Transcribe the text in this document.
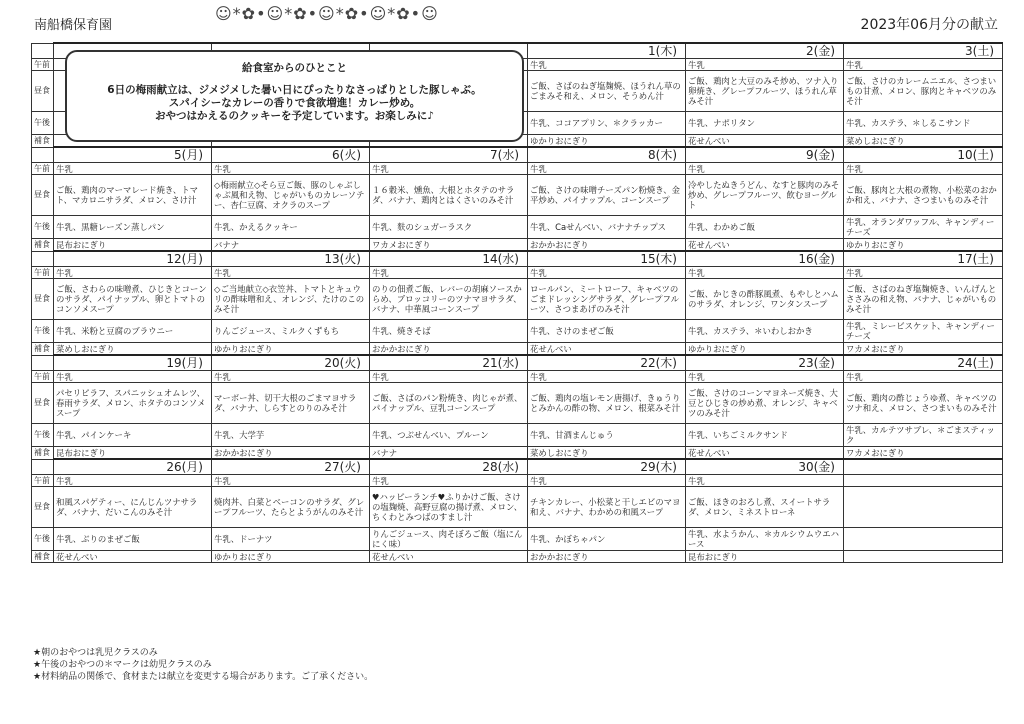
南船橋保育園
☺*✿•☺*✿•☺*✿•☺*✿•☺
2023年06月分の献立
				1(木)	2(金)	3(土)
午前				牛乳	牛乳	牛乳
昼食				ご飯、さばのねぎ塩麹焼、ほうれん草のごまみそ和え、メロン、そうめん汁	ご飯、鶏肉と大豆のみそ炒め、ツナ入り卵焼き、グレープフルーツ、ほうれん草みそ汁	ご飯、さけのカレームニエル、さつまいもの甘煮、メロン、豚肉とキャベツのみそ汁
午後				牛乳、ココアプリン、＊クラッカー	牛乳、ナポリタン	牛乳、カステラ、＊しるこサンド
補食				ゆかりおにぎり	花せんべい	菜めしおにぎり
	5(月)	6(火)	7(水)	8(木)	9(金)	10(土)
午前	牛乳	牛乳	牛乳	牛乳	牛乳	牛乳
昼食	ご飯、鶏肉のマーマレード焼き、トマト、マカロニサラダ、メロン、さけ汁	◇梅雨献立◇そら豆ご飯、豚のしゃぶしゃぶ風和え物、じゃがいものカレーソテー、杏仁豆腐、オクラのスープ	１６穀米、燻魚、大根とホタテのサラダ、バナナ、鶏肉とはくさいのみそ汁	ご飯、さけの味噌チーズパン粉焼き、金平炒め、パイナップル、コーンスープ	冷やしたぬきうどん、なすと豚肉のみそ炒め、グレープフルーツ、飲むヨーグルト	ご飯、豚肉と大根の煮物、小松菜のおかか和え、バナナ、さつまいものみそ汁
午後	牛乳、黒糖レーズン蒸しパン	牛乳、かえるクッキー	牛乳、麩のシュガーラスク	牛乳、Caせんべい、バナナチップス	牛乳、わかめご飯	牛乳、オランダワッフル、キャンディーチーズ
補食	昆布おにぎり	バナナ	ワカメおにぎり	おかかおにぎり	花せんべい	ゆかりおにぎり
	12(月)	13(火)	14(水)	15(木)	16(金)	17(土)
午前	牛乳	牛乳	牛乳	牛乳	牛乳	牛乳
昼食	ご飯、さわらの味噌煮、ひじきとコーンのサラダ、パイナップル、卵とトマトのコンソメスープ	◇ご当地献立◇衣笠丼、トマトとキュウリの酢味噌和え、オレンジ、たけのこのみそ汁	のりの佃煮ご飯、レバーの胡麻ソースからめ、ブロッコリーのツナマヨサラダ、バナナ、中華風コーンスープ	ロールパン、ミートローフ、キャベツのごまドレッシングサラダ、グレープフルーツ、さつまあげのみそ汁	ご飯、かじきの酢豚風煮、もやしとハムのサラダ、オレンジ、ワンタンスープ	ご飯、さばのねぎ塩麹焼き、いんげんとささみの和え物、バナナ、じゃがいものみそ汁
午後	牛乳、米粉と豆腐のブラウニー	りんごジュース、ミルクくずもち	牛乳、焼きそば	牛乳、さけのまぜご飯	牛乳、カステラ、＊いわしおかき	牛乳、ミレービスケット、キャンディーチーズ
補食	菜めしおにぎり	ゆかりおにぎり	おかかおにぎり	花せんべい	ゆかりおにぎり	ワカメおにぎり
	19(月)	20(火)	21(水)	22(木)	23(金)	24(土)
午前	牛乳	牛乳	牛乳	牛乳	牛乳	牛乳
昼食	パセリピラフ、スパニッシュオムレツ、春雨サラダ、メロン、ホタテのコンソメスープ	マーボー丼、切干大根のごまマヨサラダ、バナナ、しらすとのりのみそ汁	ご飯、さばのパン粉焼き、肉じゃが煮、パイナップル、豆乳コーンスープ	ご飯、鶏肉の塩レモン唐揚げ、きゅうりとみかんの酢の物、メロン、根菜みそ汁	ご飯、さけのコーンマヨネーズ焼き、大豆とひじきの炒め煮、オレンジ、キャベツのみそ汁	ご飯、鶏肉の酢じょうゆ煮、キャベツのツナ和え、メロン、さつまいものみそ汁
午後	牛乳、パインケーキ	牛乳、大学芋	牛乳、つぶせんべい、プルーン	牛乳、甘酒まんじゅう	牛乳、いちごミルクサンド	牛乳、カルテツサブレ、＊ごまスティック
補食	昆布おにぎり	おかかおにぎり	バナナ	菜めしおにぎり	花せんべい	ワカメおにぎり
	26(月)	27(火)	28(水)	29(木)	30(金)	
午前	牛乳	牛乳	牛乳	牛乳	牛乳	
昼食	和風スパゲティー、にんじんツナサラダ、バナナ、だいこんのみそ汁	焼肉丼、白菜とベーコンのサラダ、グレープフルーツ、たらとようがんのみそ汁	♥ハッピーランチ♥ふりかけご飯、さけの塩麹焼、高野豆腐の揚げ煮、メロン、ちくわとみつばのすまし汁	チキンカレー、小松菜と干しエビのマヨ和え、バナナ、わかめの和風スープ	ご飯、ほきのおろし煮、スイートサラダ、メロン、ミネストローネ	
午後	牛乳、ぶりのまぜご飯	牛乳、ドーナツ	りんごジュース、肉そぼろご飯（塩にんにく味）	牛乳、かぼちゃパン	牛乳、水ようかん、＊カルシウムウエハース	
補食	花せんべい	ゆかりおにぎり	花せんべい	おかかおにぎり	昆布おにぎり	
給食室からのひとこと
6日の梅雨献立は、ジメジメした暑い日にぴったりなさっぱりとした豚しゃぶ。
スパイシーなカレーの香りで食欲増進！カレー炒め。
おやつはかえるのクッキーを予定しています。お楽しみに♪
★朝のおやつは乳児クラスのみ
★午後のおやつの＊マークは幼児クラスのみ
★材料納品の関係で、食材または献立を変更する場合があります。ご了承ください。
